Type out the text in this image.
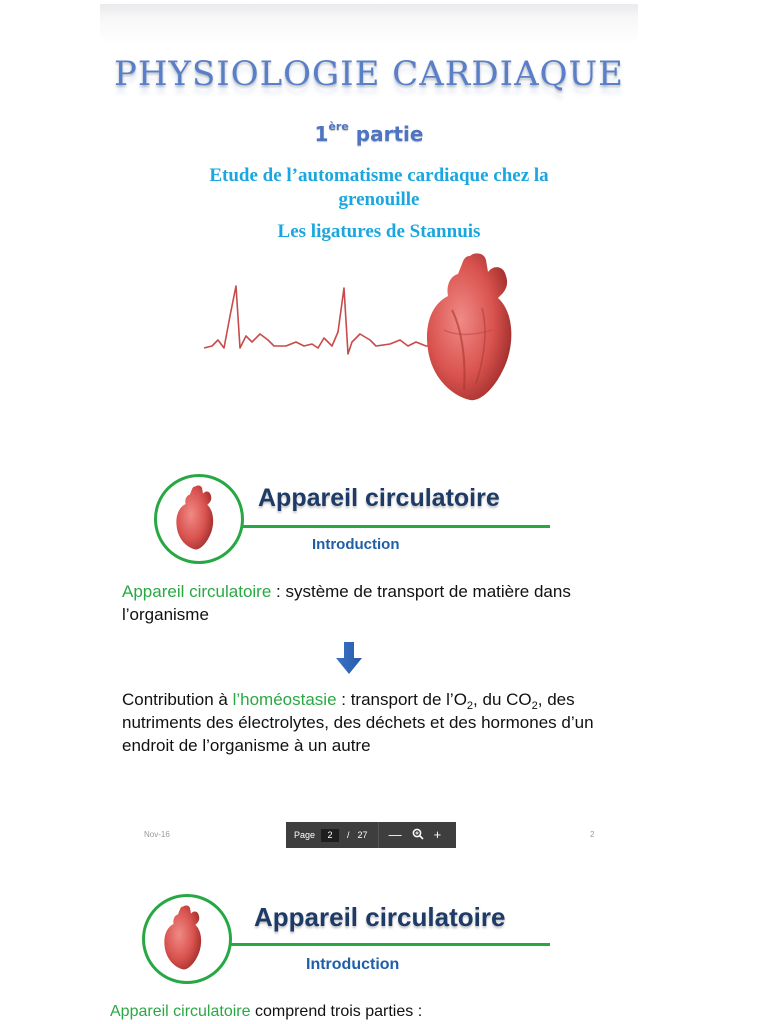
PHYSIOLOGIE CARDIAQUE
1ère partie
Etude de l’automatisme cardiaque chez la
grenouille
Les ligatures de Stannuis
Appareil circulatoire
Introduction
Appareil circulatoire : système de transport de matière dans l’organisme
Contribution à l’homéostasie : transport de $l’O_2$, du $CO_2$, des nutriments des électrolytes, des déchets et des hormones d’un endroit de l’organisme à un autre
Nov-16	2
Page
2	/ 27 — +
Appareil circulatoire
Introduction
Appareil circulatoire comprend trois parties :
